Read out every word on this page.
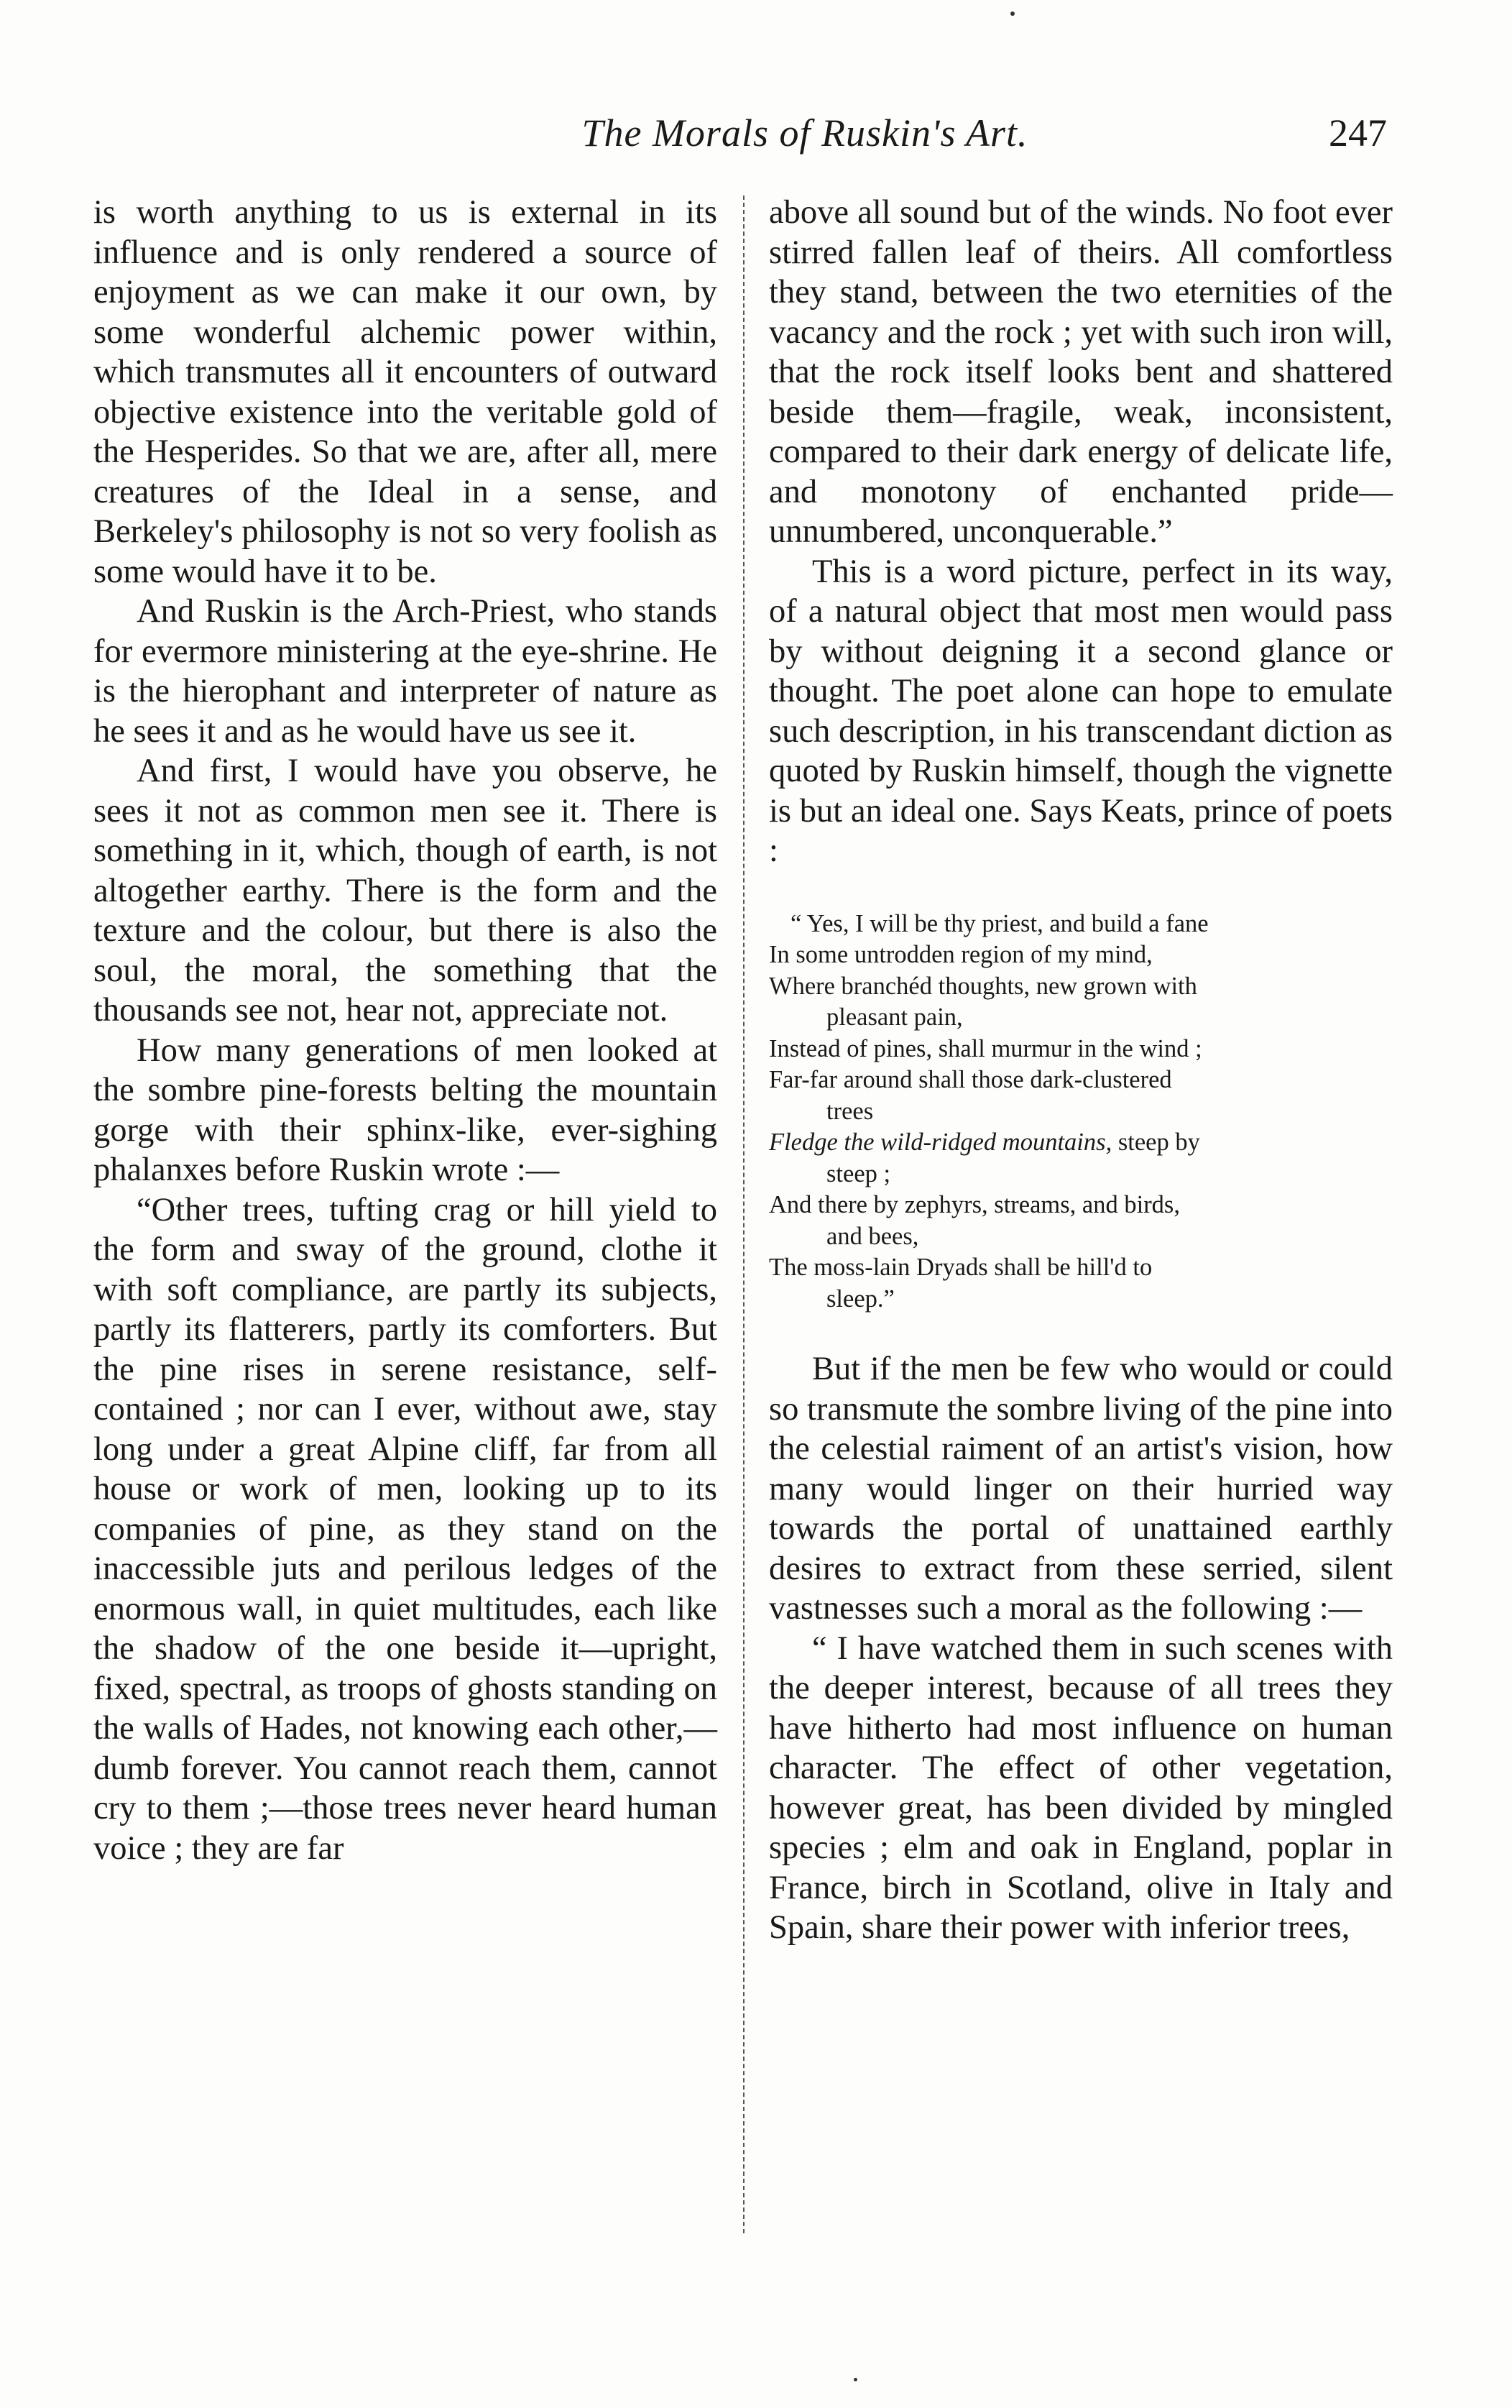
The Morals of Ruskin's Art.	247

is worth anything to us is external in its influence and is only rendered a source of enjoyment as we can make it our own, by some wonderful alchemic power within, which transmutes all it encounters of outward objective existence into the veritable gold of the Hesperides. So that we are, after all, mere creatures of the Ideal in a sense, and Berkeley's philosophy is not so very foolish as some would have it to be.

And Ruskin is the Arch-Priest, who stands for evermore ministering at the eye-shrine. He is the hierophant and interpreter of nature as he sees it and as he would have us see it.

And first, I would have you observe, he sees it not as common men see it. There is something in it, which, though of earth, is not altogether earthy. There is the form and the texture and the colour, but there is also the soul, the moral, the something that the thousands see not, hear not, appreciate not.

How many generations of men looked at the sombre pine-forests belting the mountain gorge with their sphinx-like, ever-sighing phalanxes before Ruskin wrote :—

“Other trees, tufting crag or hill yield to the form and sway of the ground, clothe it with soft compliance, are partly its subjects, partly its flatterers, partly its comforters. But the pine rises in serene resistance, self-contained ; nor can I ever, without awe, stay long under a great Alpine cliff, far from all house or work of men, looking up to its companies of pine, as they stand on the inaccessible juts and perilous ledges of the enormous wall, in quiet multitudes, each like the shadow of the one beside it—upright, fixed, spectral, as troops of ghosts standing on the walls of Hades, not knowing each other,—dumb forever. You cannot reach them, cannot cry to them ;—those trees never heard human voice ; they are far

above all sound but of the winds. No foot ever stirred fallen leaf of theirs. All comfortless they stand, between the two eternities of the vacancy and the rock ; yet with such iron will, that the rock itself looks bent and shattered beside them—fragile, weak, inconsistent, compared to their dark energy of delicate life, and monotony of enchanted pride—unnumbered, unconquerable.”

This is a word picture, perfect in its way, of a natural object that most men would pass by without deigning it a second glance or thought. The poet alone can hope to emulate such description, in his transcendant diction as quoted by Ruskin himself, though the vignette is but an ideal one. Says Keats, prince of poets :

“ Yes, I will be thy priest, and build a fane
In some untrodden region of my mind,
Where branchéd thoughts, new grown with
pleasant pain,
Instead of pines, shall murmur in the wind ;
Far-far around shall those dark-clustered
trees
Fledge the wild-ridged mountains, steep by
steep ;
And there by zephyrs, streams, and birds,
and bees,
The moss-lain Dryads shall be hill'd to
sleep.”

But if the men be few who would or could so transmute the sombre living of the pine into the celestial raiment of an artist's vision, how many would linger on their hurried way towards the portal of unattained earthly desires to extract from these serried, silent vastnesses such a moral as the following :—

“ I have watched them in such scenes with the deeper interest, because of all trees they have hitherto had most influence on human character. The effect of other vegetation, however great, has been divided by mingled species ; elm and oak in England, poplar in France, birch in Scotland, olive in Italy and Spain, share their power with inferior trees,
